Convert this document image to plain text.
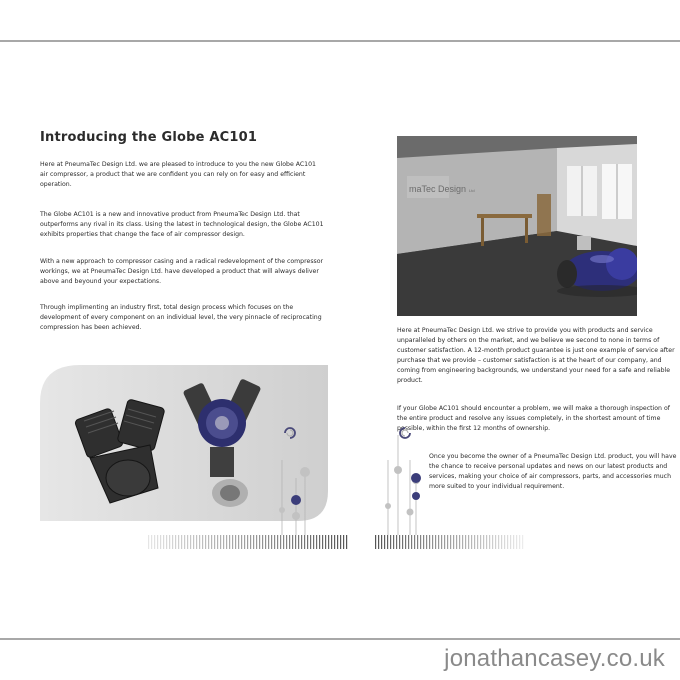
Introducing the Globe AC101

Here at PneumaTec Design Ltd. we are pleased to introduce to you the new Globe AC101 air compressor, a product that we are confident you can rely on for easy and efficient operation.

The Globe AC101 is a new and innovative product from PneumaTec Design Ltd. that outperforms any rival in its class. Using the latest in technological design, the Globe AC101 exhibits properties that change the face of air compressor design.

With a new approach to compressor casing and a radical redevelopment of the compressor workings, we at PneumaTec Design Ltd. have developed a product that will always deliver above and beyound your expectations.

Through implimenting an industry first, total design process which focuses on the development of every component on an individual level, the very pinnacle of reciprocating compression has been achieved.

maTec Design Ltd

Here at PneumaTec Design Ltd. we strive to provide you with products and service unparalleled by others on the market, and we believe we second to none in terms of customer satisfaction. A 12-month product guarantee is just one example of service after purchase that we provide – customer satisfaction is at the heart of our company, and coming from engineering backgrounds, we understand your need for a safe and reliable product.

If your Globe AC101 should encounter a problem, we will make a thorough inspection of the entire product and resolve any issues completely, in the shortest amount of time possible, within the first 12 months of ownership.

Once you become the owner of a PneumaTec Design Ltd. product, you will have the chance to receive personal updates and news on our latest products and services, making your choice of air compressors, parts, and accessories much more suited to your individual requirement.

jonathancasey.co.uk
